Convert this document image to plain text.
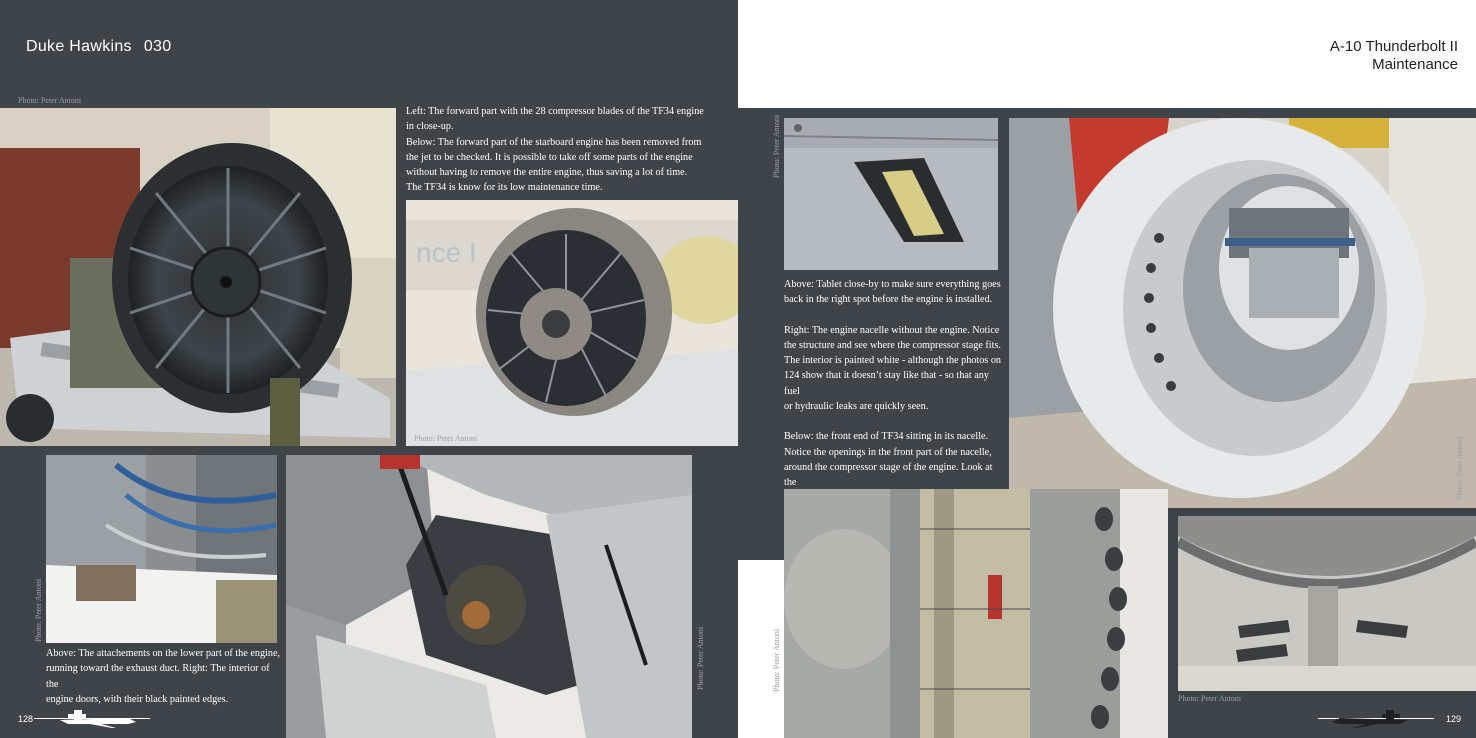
Duke Hawkins 030	A-10 Thunderbolt II
Maintenance
Photo: Peter Antoni
Left: The forward part with the 28 compressor blades of the TF34 engine
in close-up.
Below: The forward part of the starboard engine has been removed from
the jet to be checked. It is possible to take off some parts of the engine
without having to remove the entire engine, thus saving a lot of time.
The TF34 is know for its low maintenance time.
nce I
Photo: Peter Antoni
Photo: Peter Antoni
Above: The attachements on the lower part of the engine,
running toward the exhaust duct. Right: The interior of the
engine doors, with their black painted edges.
Photo: Peter Antoni
128
Photo: Peter Antoni
Above: Tablet close-by to make sure everything goes
back in the right spot before the engine is installed.
Right: The engine nacelle without the engine. Notice
the structure and see where the compressor stage fits.
The interior is painted white - although the photos on
124 show that it doesn’t stay like that - so that any fuel
or hydraulic leaks are quickly seen.
Below: the front end of TF34 sitting in its nacelle.
Notice the openings in the front part of the nacelle,
around the compressor stage of the engine. Look at the	Photo: Peter Antoni
Photo: Peter Antoni
Photo: Peter Antoni
129
